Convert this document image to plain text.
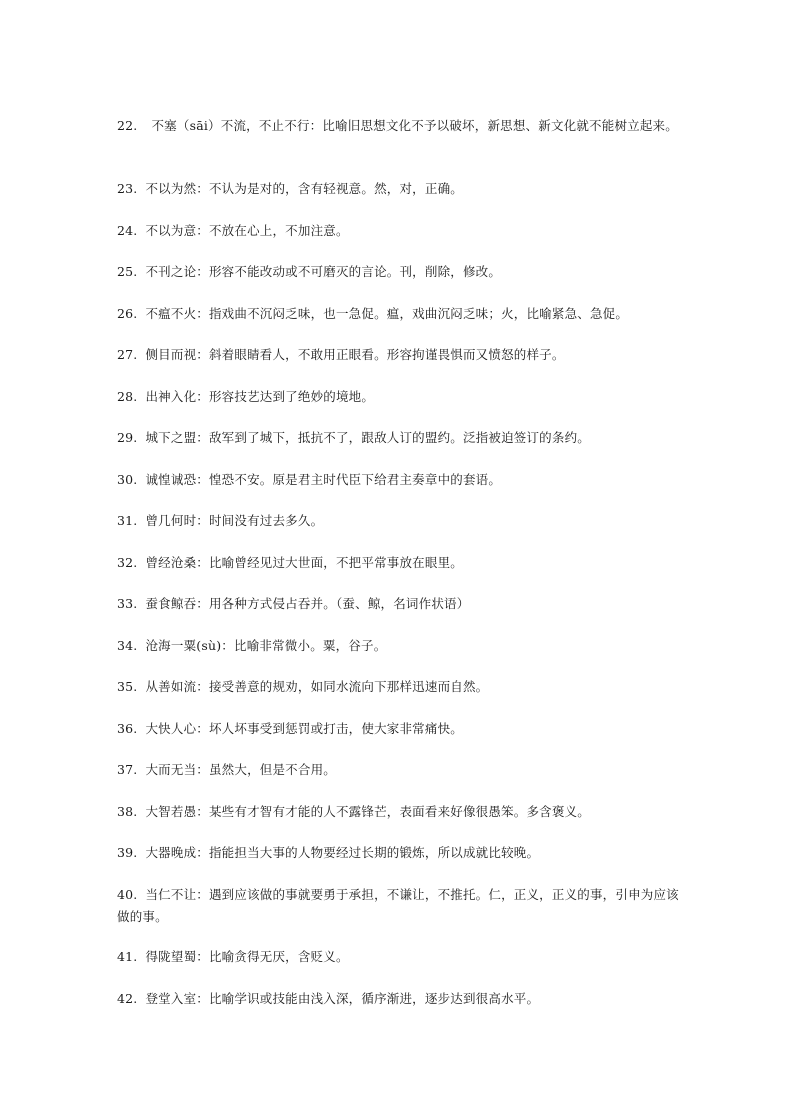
22. 不塞（sāi）不流，不止不行：比喻旧思想文化不予以破坏，新思想、新文化就不能树立起来。

23. 不以为然：不认为是对的，含有轻视意。然，对，正确。

24. 不以为意：不放在心上，不加注意。

25. 不刊之论：形容不能改动或不可磨灭的言论。刊，削除，修改。

26. 不瘟不火：指戏曲不沉闷乏味，也一急促。瘟，戏曲沉闷乏味；火，比喻紧急、急促。

27. 侧目而视：斜着眼睛看人，不敢用正眼看。形容拘谨畏惧而又愤怒的样子。

28. 出神入化：形容技艺达到了绝妙的境地。

29. 城下之盟：敌军到了城下，抵抗不了，跟敌人订的盟约。泛指被迫签订的条约。

30. 诚惶诚恐：惶恐不安。原是君主时代臣下给君主奏章中的套语。

31. 曾几何时：时间没有过去多久。

32. 曾经沧桑：比喻曾经见过大世面，不把平常事放在眼里。

33. 蚕食鲸吞：用各种方式侵占吞并。（蚕、鲸，名词作状语）

34. 沧海一粟(sù)：比喻非常微小。粟，谷子。

35. 从善如流：接受善意的规劝，如同水流向下那样迅速而自然。

36. 大快人心：坏人坏事受到惩罚或打击，使大家非常痛快。

37. 大而无当：虽然大，但是不合用。

38. 大智若愚：某些有才智有才能的人不露锋芒，表面看来好像很愚笨。多含褒义。

39. 大器晚成：指能担当大事的人物要经过长期的锻炼，所以成就比较晚。

40. 当仁不让：遇到应该做的事就要勇于承担，不谦让，不推托。仁，正义，正义的事，引申为应该做的事。

41. 得陇望蜀：比喻贪得无厌，含贬义。

42. 登堂入室：比喻学识或技能由浅入深，循序渐进，逐步达到很高水平。
